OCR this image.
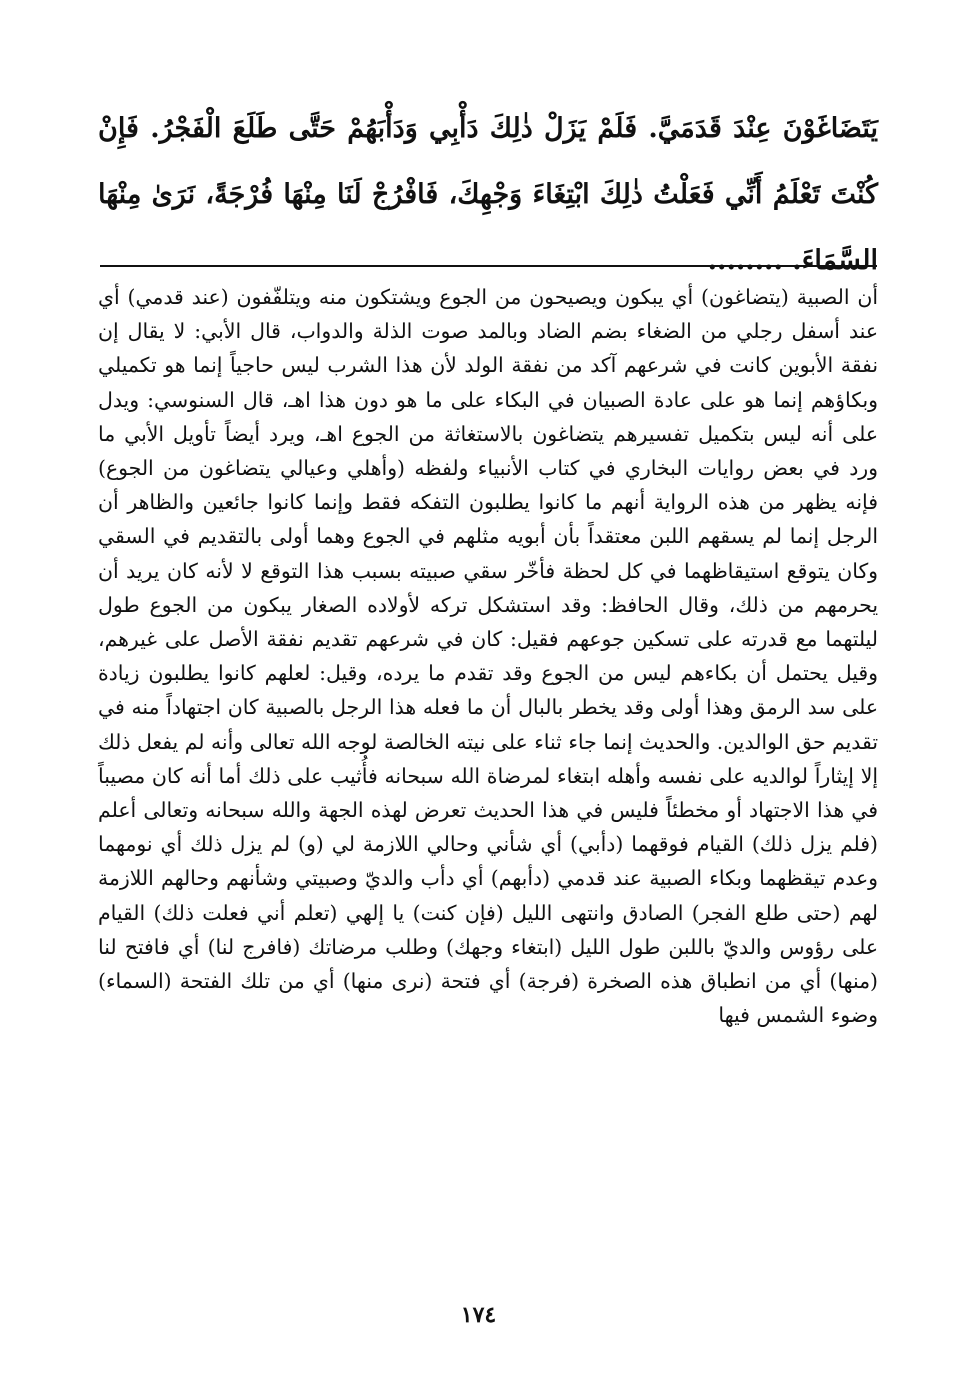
يَتَضَاغَوْنَ عِنْدَ قَدَمَيَّ. فَلَمْ يَزَلْ ذٰلِكَ دَأْبِي وَدَأْبَهُمْ حَتَّى طَلَعَ الْفَجْرُ. فَإِنْ كُنْتَ تَعْلَمُ أَنِّي فَعَلْتُ ذٰلِكَ ابْتِغَاءَ وَجْهِكَ، فَافْرُجْ لَنَا مِنْهَا فُرْجَةً، نَرَىٰ مِنْهَا السَّمَاءَ. ........

أن الصبية (يتضاغون) أي يبكون ويصيحون من الجوع ويشتكون منه ويتلفّفون (عند قدمي) أي عند أسفل رجلي من الضغاء بضم الضاد وبالمد صوت الذلة والدواب، قال الأبي: لا يقال إن نفقة الأبوين كانت في شرعهم آكد من نفقة الولد لأن هذا الشرب ليس حاجياً إنما هو تكميلي وبكاؤهم إنما هو على عادة الصبيان في البكاء على ما هو دون هذا اهـ، قال السنوسي: ويدل على أنه ليس بتكميل تفسيرهم يتضاغون بالاستغاثة من الجوع اهـ، ويرد أيضاً تأويل الأبي ما ورد في بعض روايات البخاري في كتاب الأنبياء ولفظه (وأهلي وعيالي يتضاغون من الجوع) فإنه يظهر من هذه الرواية أنهم ما كانوا يطلبون التفكه فقط وإنما كانوا جائعين والظاهر أن الرجل إنما لم يسقهم اللبن معتقداً بأن أبويه مثلهم في الجوع وهما أولى بالتقديم في السقي وكان يتوقع استيقاظهما في كل لحظة فأخّر سقي صبيته بسبب هذا التوقع لا لأنه كان يريد أن يحرمهم من ذلك، وقال الحافظ: وقد استشكل تركه لأولاده الصغار يبكون من الجوع طول ليلتهما مع قدرته على تسكين جوعهم فقيل: كان في شرعهم تقديم نفقة الأصل على غيرهم، وقيل يحتمل أن بكاءهم ليس من الجوع وقد تقدم ما يرده، وقيل: لعلهم كانوا يطلبون زيادة على سد الرمق وهذا أولى وقد يخطر بالبال أن ما فعله هذا الرجل بالصبية كان اجتهاداً منه في تقديم حق الوالدين. والحديث إنما جاء ثناء على نيته الخالصة لوجه الله تعالى وأنه لم يفعل ذلك إلا إيثاراً لوالديه على نفسه وأهله ابتغاء لمرضاة الله سبحانه فأُثيب على ذلك أما أنه كان مصيباً في هذا الاجتهاد أو مخطئاً فليس في هذا الحديث تعرض لهذه الجهة والله سبحانه وتعالى أعلم (فلم يزل ذلك) القيام فوقهما (دأبي) أي شأني وحالي اللازمة لي (و) لم يزل ذلك أي نومهما وعدم تيقظهما وبكاء الصبية عند قدمي (دأبهم) أي دأب والديّ وصبيتي وشأنهم وحالهم اللازمة لهم (حتى طلع الفجر) الصادق وانتهى الليل (فإن كنت) يا إلهي (تعلم أني فعلت ذلك) القيام على رؤوس والديّ باللبن طول الليل (ابتغاء وجهك) وطلب مرضاتك (فافرج لنا) أي فافتح لنا (منها) أي من انطباق هذه الصخرة (فرجة) أي فتحة (نرى منها) أي من تلك الفتحة (السماء) وضوء الشمس فيها

١٧٤
